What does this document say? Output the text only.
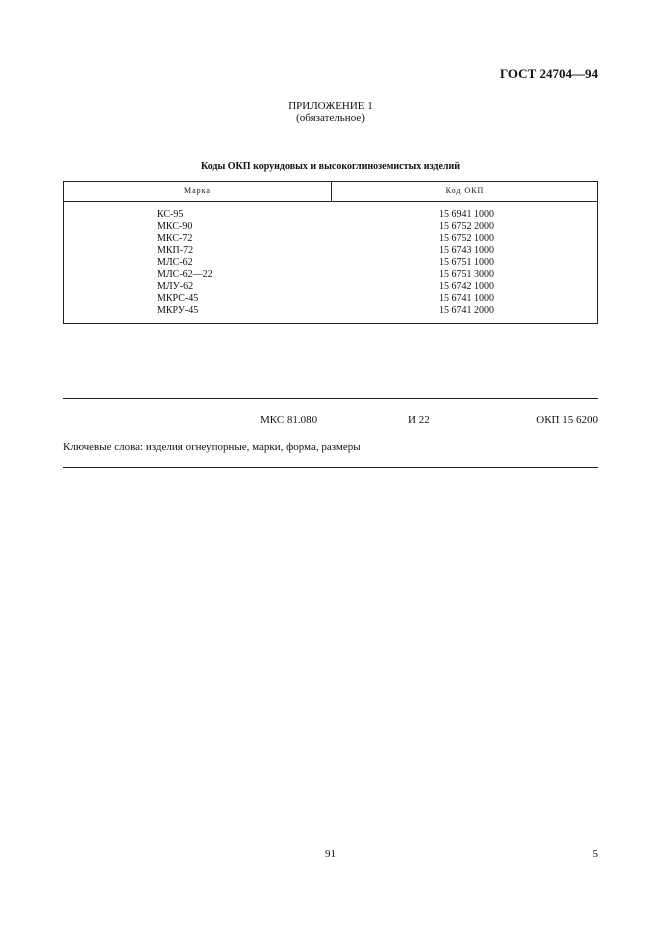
ГОСТ 24704—94
ПРИЛОЖЕНИЕ 1
(обязательное)
Коды ОКП корундовых и высокоглиноземистых изделий
Марка	Код ОКП
КС-95	15 6941 1000
МКС-90	15 6752 2000
МКС-72	15 6752 1000
МКП-72	15 6743 1000
МЛС-62	15 6751 1000
МЛС-62—22	15 6751 3000
МЛУ-62	15 6742 1000
МКРС-45	15 6741 1000
МКРУ-45	15 6741 2000
МКС 81.080	И 22	ОКП 15 6200
Ключевые слова: изделия огнеупорные, марки, форма, размеры
91	5
